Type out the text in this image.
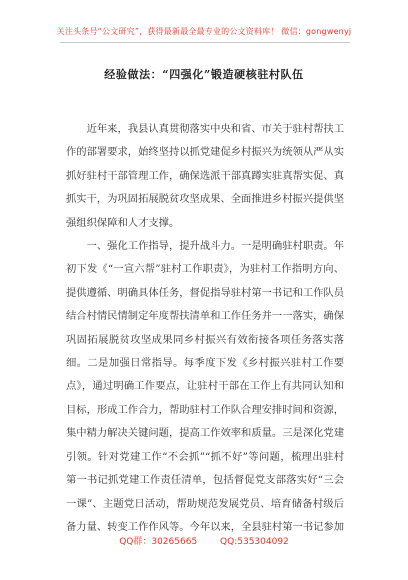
关注头条号“公文研究”，获得最新最全最专业的公文资料库！ 微信：gongwenyj
经验做法：“四强化”锻造硬核驻村队伍

近年来，我县认真贯彻落实中央和省、市关于驻村帮扶工作的部署要求，始终坚持以抓党建促乡村振兴为统领从严从实抓好驻村干部管理工作，确保选派干部真蹲实驻真帮实促、真抓实干，为巩固拓展脱贫攻坚成果、全面推进乡村振兴提供坚强组织保障和人才支撑。

一、强化工作指导，提升战斗力。一是明确驻村职责。年初下发《“一宣六帮”驻村工作职责》，为驻村工作指明方向、提供遵循、明确具体任务，督促指导驻村第一书记和工作队员结合村情民情制定年度帮扶清单和工作任务并一一落实，确保巩固拓展脱贫攻坚成果同乡村振兴有效衔接各项任务落实落细。二是加强日常指导。每季度下发《乡村振兴驻村工作要点》，通过明确工作要点，让驻村干部在工作上有共同认知和目标，形成工作合力，帮助驻村工作队合理安排时间和资源，集中精力解决关键问题，提高工作效率和质量。三是深化党建引领。针对党建工作“不会抓”“抓不好”等问题，梳理出驻村第一书记抓党建工作责任清单，包括督促党支部落实好“三会一课”、主题党日活动，帮助规范发展党员、培育储备村级后备力量、转变工作作风等。今年以来，全县驻村第一书记参加

QQ群：30265665	QQ:535304092
